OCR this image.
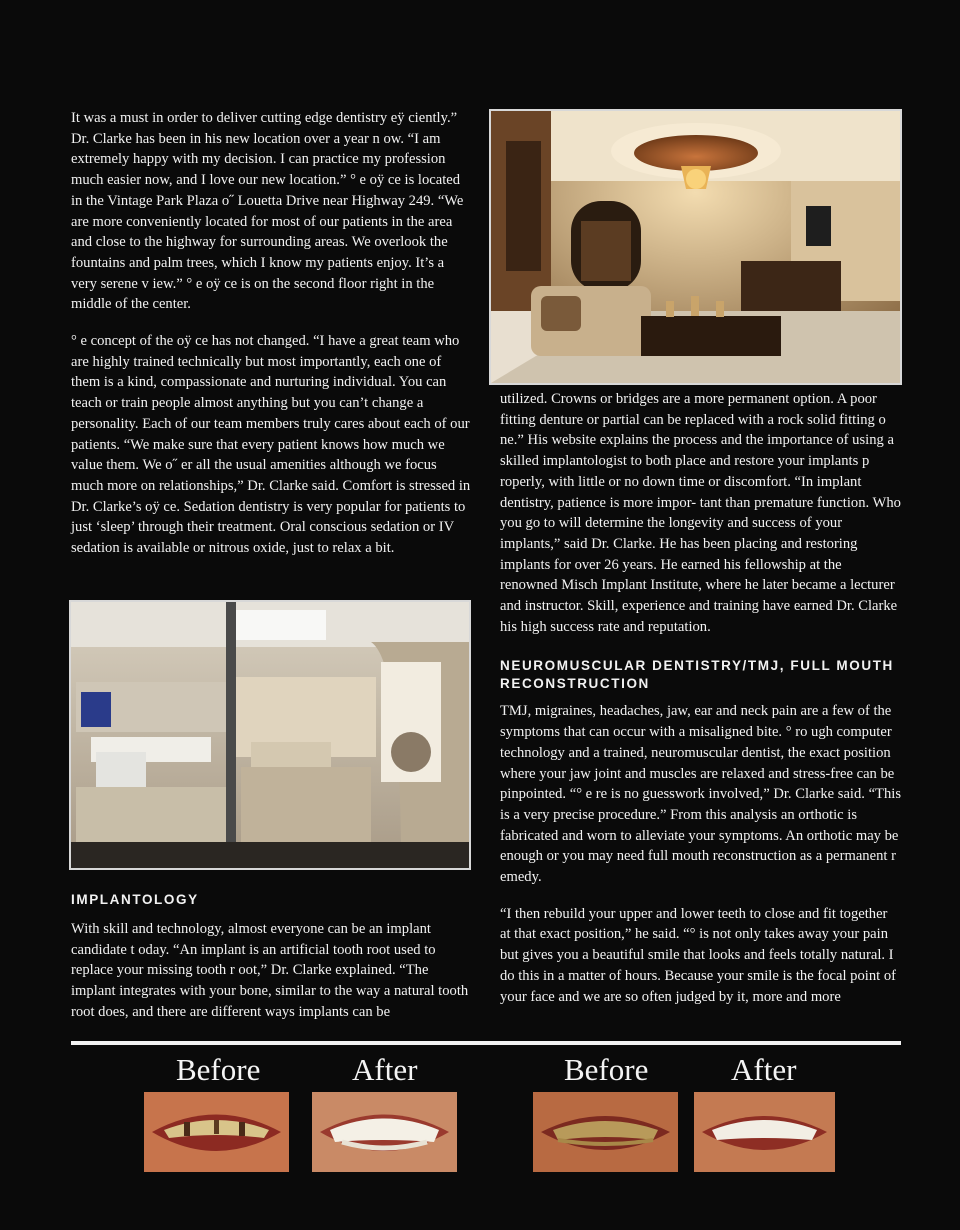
It was a must in order to deliver cutting edge dentistry eÿ ciently.” Dr. Clarke has been in his new location over a year n ow. “I am extremely happy with my decision. I can practice my profession much easier now, and I love our new location.” ° e oÿ ce is located in the Vintage Park Plaza o˝ Louetta Drive near Highway 249. “We are more conveniently located for most of our patients in the area and close to the highway for surrounding areas. We overlook the fountains and palm trees, which I know my patients enjoy. It’s a very serene v iew.” ° e oÿ ce is on the second floor right in the middle of the center.

° e concept of the oÿ ce has not changed. “I have a great team who are highly trained technically but most importantly, each one of them is a kind, compassionate and nurturing individual. You can teach or train people almost anything but you can’t change a personality. Each of our team members truly cares about each of our patients. “We make sure that every patient knows how much we value them. We o˝ er all the usual amenities although we focus much more on relationships,” Dr. Clarke said. Comfort is stressed in Dr. Clarke’s oÿ ce. Sedation dentistry is very popular for patients to just ‘sleep’ through their treatment. Oral conscious sedation or IV sedation is available or nitrous oxide, just to relax a bit.

IMPLANTOLOGY

With skill and technology, almost everyone can be an implant candidate t oday. “An implant is an artificial tooth root used to replace your missing tooth r oot,” Dr. Clarke explained. “The implant integrates with your bone, similar to the way a natural tooth root does, and there are different ways implants can be

utilized. Crowns or bridges are a more permanent option. A poor fitting denture or partial can be replaced with a rock solid fitting o ne.” His website explains the process and the importance of using a skilled implantologist to both place and restore your implants p roperly, with little or no down time or discomfort. “In implant dentistry, patience is more impor- tant than premature function. Who you go to will determine the longevity and success of your implants,” said Dr. Clarke. He has been placing and restoring implants for over 26 years. He earned his fellowship at the renowned Misch Implant Institute, where he later became a lecturer and instructor. Skill, experience and training have earned Dr. Clarke his high success rate and reputation.

NEUROMUSCULAR DENTISTRY/TMJ, FULL MOUTH RECONSTRUCTION

TMJ, migraines, headaches, jaw, ear and neck pain are a few of the symptoms that can occur with a misaligned bite. ° ro ugh computer technology and a trained, neuromuscular dentist, the exact position where your jaw joint and muscles are relaxed and stress-free can be pinpointed. “° e re is no guesswork involved,” Dr. Clarke said. “This is a very precise procedure.” From this analysis an orthotic is fabricated and worn to alleviate your symptoms. An orthotic may be enough or you may need full mouth reconstruction as a permanent r emedy.

“I then rebuild your upper and lower teeth to close and fit together at that exact position,” he said. “° is not only takes away your pain but gives you a beautiful smile that looks and feels totally natural. I do this in a matter of hours. Because your smile is the focal point of your face and we are so often judged by it, more and more

Before	After	Before	After
